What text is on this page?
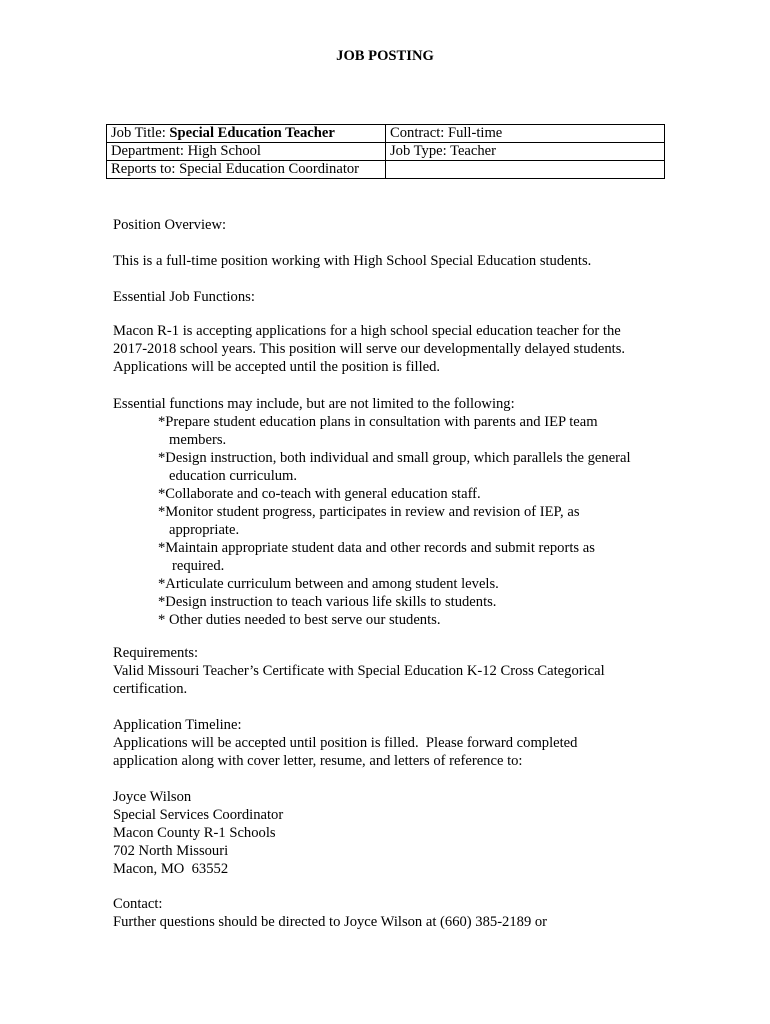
JOB POSTING
Job Title: Special Education Teacher	Contract: Full-time
Department: High School	Job Type: Teacher
Reports to: Special Education Coordinator	
Position Overview:
This is a full-time position working with High School Special Education students.
Essential Job Functions:

Macon R-1 is accepting applications for a high school special education teacher for the

2017-2018 school years. This position will serve our developmentally delayed students.

Applications will be accepted until the position is filled.

Essential functions may include, but are not limited to the following:

*Prepare student education plans in consultation with parents and IEP team

members.

*Design instruction, both individual and small group, which parallels the general

education curriculum.

*Collaborate and co-teach with general education staff.

*Monitor student progress, participates in review and revision of IEP, as

appropriate.

*Maintain appropriate student data and other records and submit reports as

required.

*Articulate curriculum between and among student levels.

*Design instruction to teach various life skills to students.

* Other duties needed to best serve our students.

Requirements:

Valid Missouri Teacher’s Certificate with Special Education K-12 Cross Categorical

certification.

Application Timeline:

Applications will be accepted until position is filled.  Please forward completed

application along with cover letter, resume, and letters of reference to:

Joyce Wilson

Special Services Coordinator

Macon County R-1 Schools

702 North Missouri

Macon, MO  63552

Contact:

Further questions should be directed to Joyce Wilson at (660) 385-2189 or
